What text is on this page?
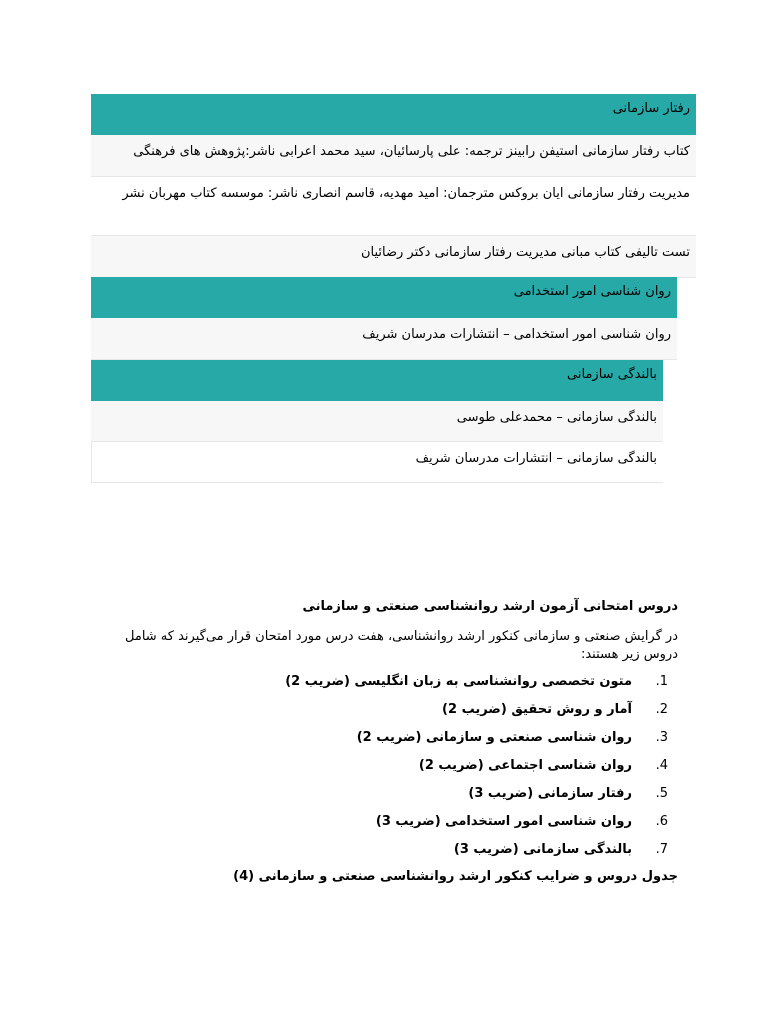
رفتار سازمانی
کتاب رفتار سازمانی استیفن رابینز ترجمه: علی پارسائیان، سید محمد اعرابی ناشر:پژوهش های فرهنگی
مدیریت رفتار سازمانی ایان بروکس مترجمان: امید مهدیه، قاسم انصاری ناشر: موسسه کتاب مهربان نشر
تست تالیفی کتاب مبانی مدیریت رفتار سازمانی دکتر رضائیان
روان شناسی امور استخدامی
روان شناسی امور استخدامی – انتشارات مدرسان شریف
بالندگی سازمانی
بالندگی سازمانی – محمدعلی طوسی
بالندگی سازمانی – انتشارات مدرسان شریف
دروس امتحانی آزمون ارشد روانشناسی صنعتی و سازمانی
در گرایش صنعتی و سازمانی کنکور ارشد روانشناسی، هفت درس مورد امتحان قرار می‌گیرند که شامل دروس زیر هستند:
1.متون تخصصی روانشناسی به زبان انگلیسی (ضریب 2)
2.آمار و روش تحقیق (ضریب 2)
3.روان شناسی صنعتی و سازمانی (ضریب 2)
4.روان شناسی اجتماعی (ضریب 2)
5.رفتار سازمانی (ضریب 3)
6.روان شناسی امور استخدامی (ضریب 3)
7.بالندگی سازمانی (ضریب 3)
جدول دروس و ضرایب کنکور ارشد روانشناسی صنعتی و سازمانی (4)
